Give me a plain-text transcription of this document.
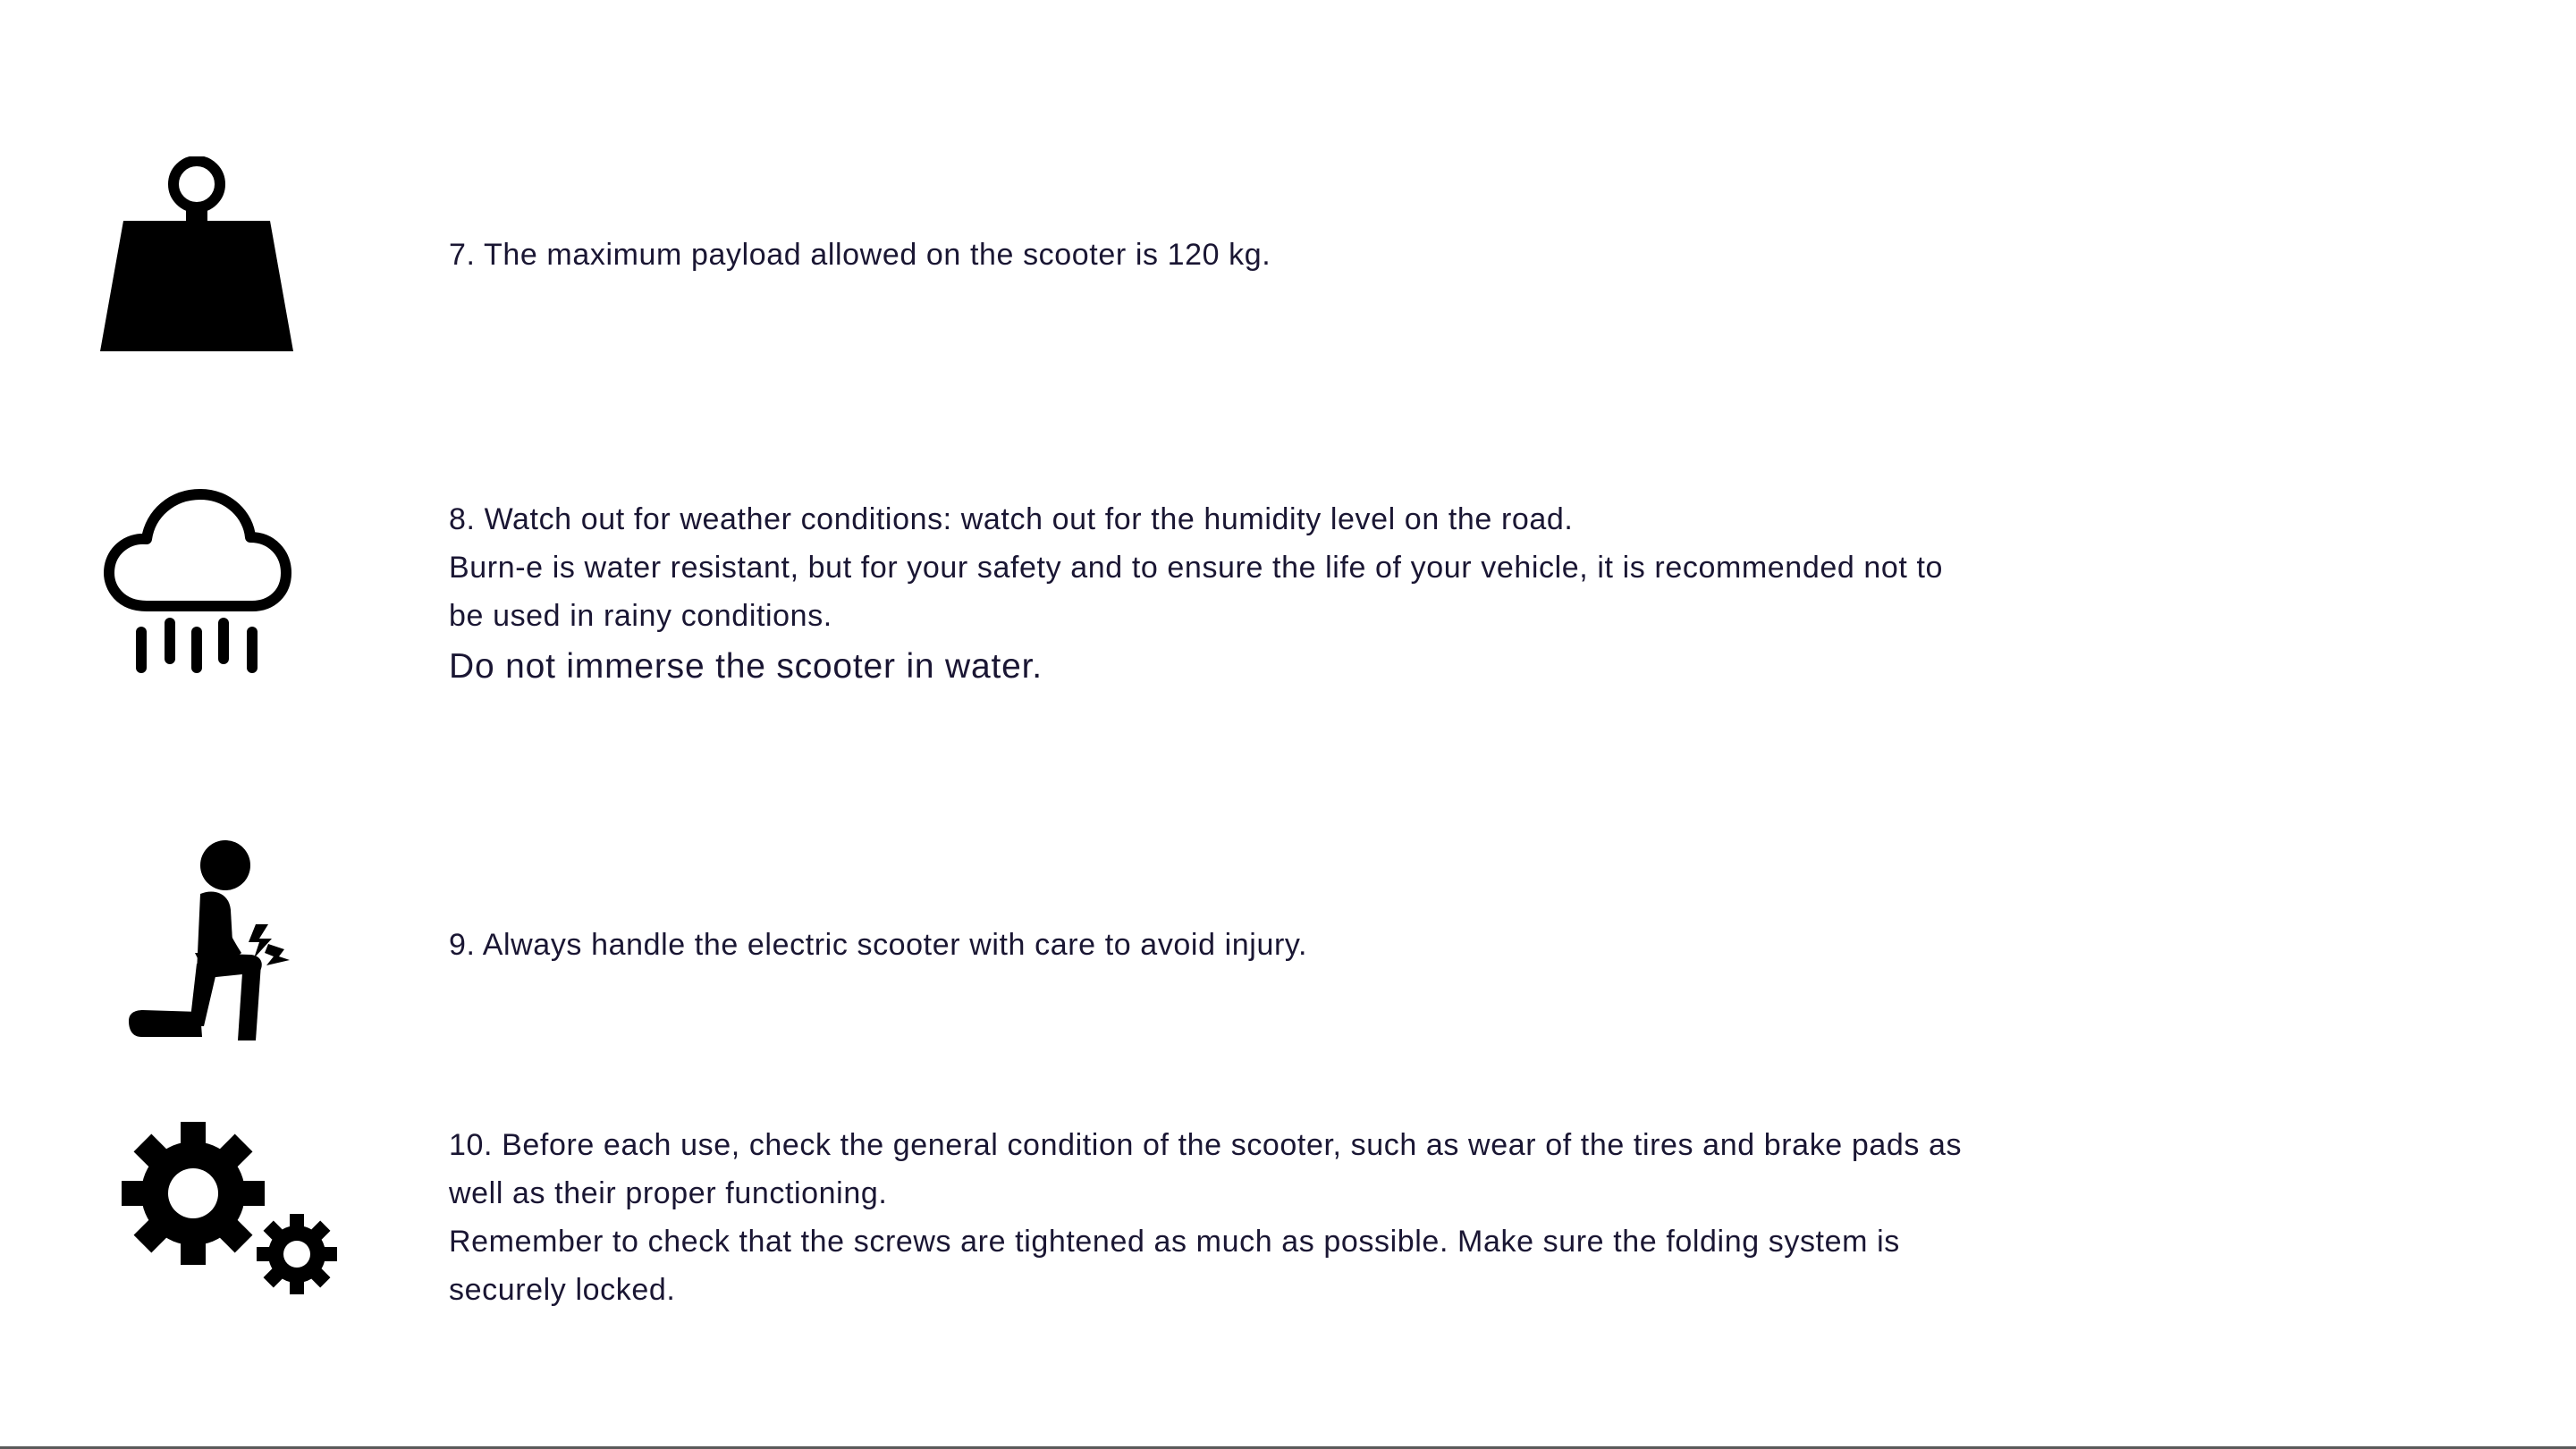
7. The maximum payload allowed on the scooter is 120 kg.
8. Watch out for weather conditions: watch out for the humidity level on the road.
Burn-e is water resistant, but for your safety and to ensure the life of your vehicle, it is recommended not to
be used in rainy conditions.
Do not immerse the scooter in water.
9. Always handle the electric scooter with care to avoid injury.
10. Before each use, check the general condition of the scooter, such as wear of the tires and brake pads as
well as their proper functioning.
Remember to check that the screws are tightened as much as possible. Make sure the folding system is
securely locked.
